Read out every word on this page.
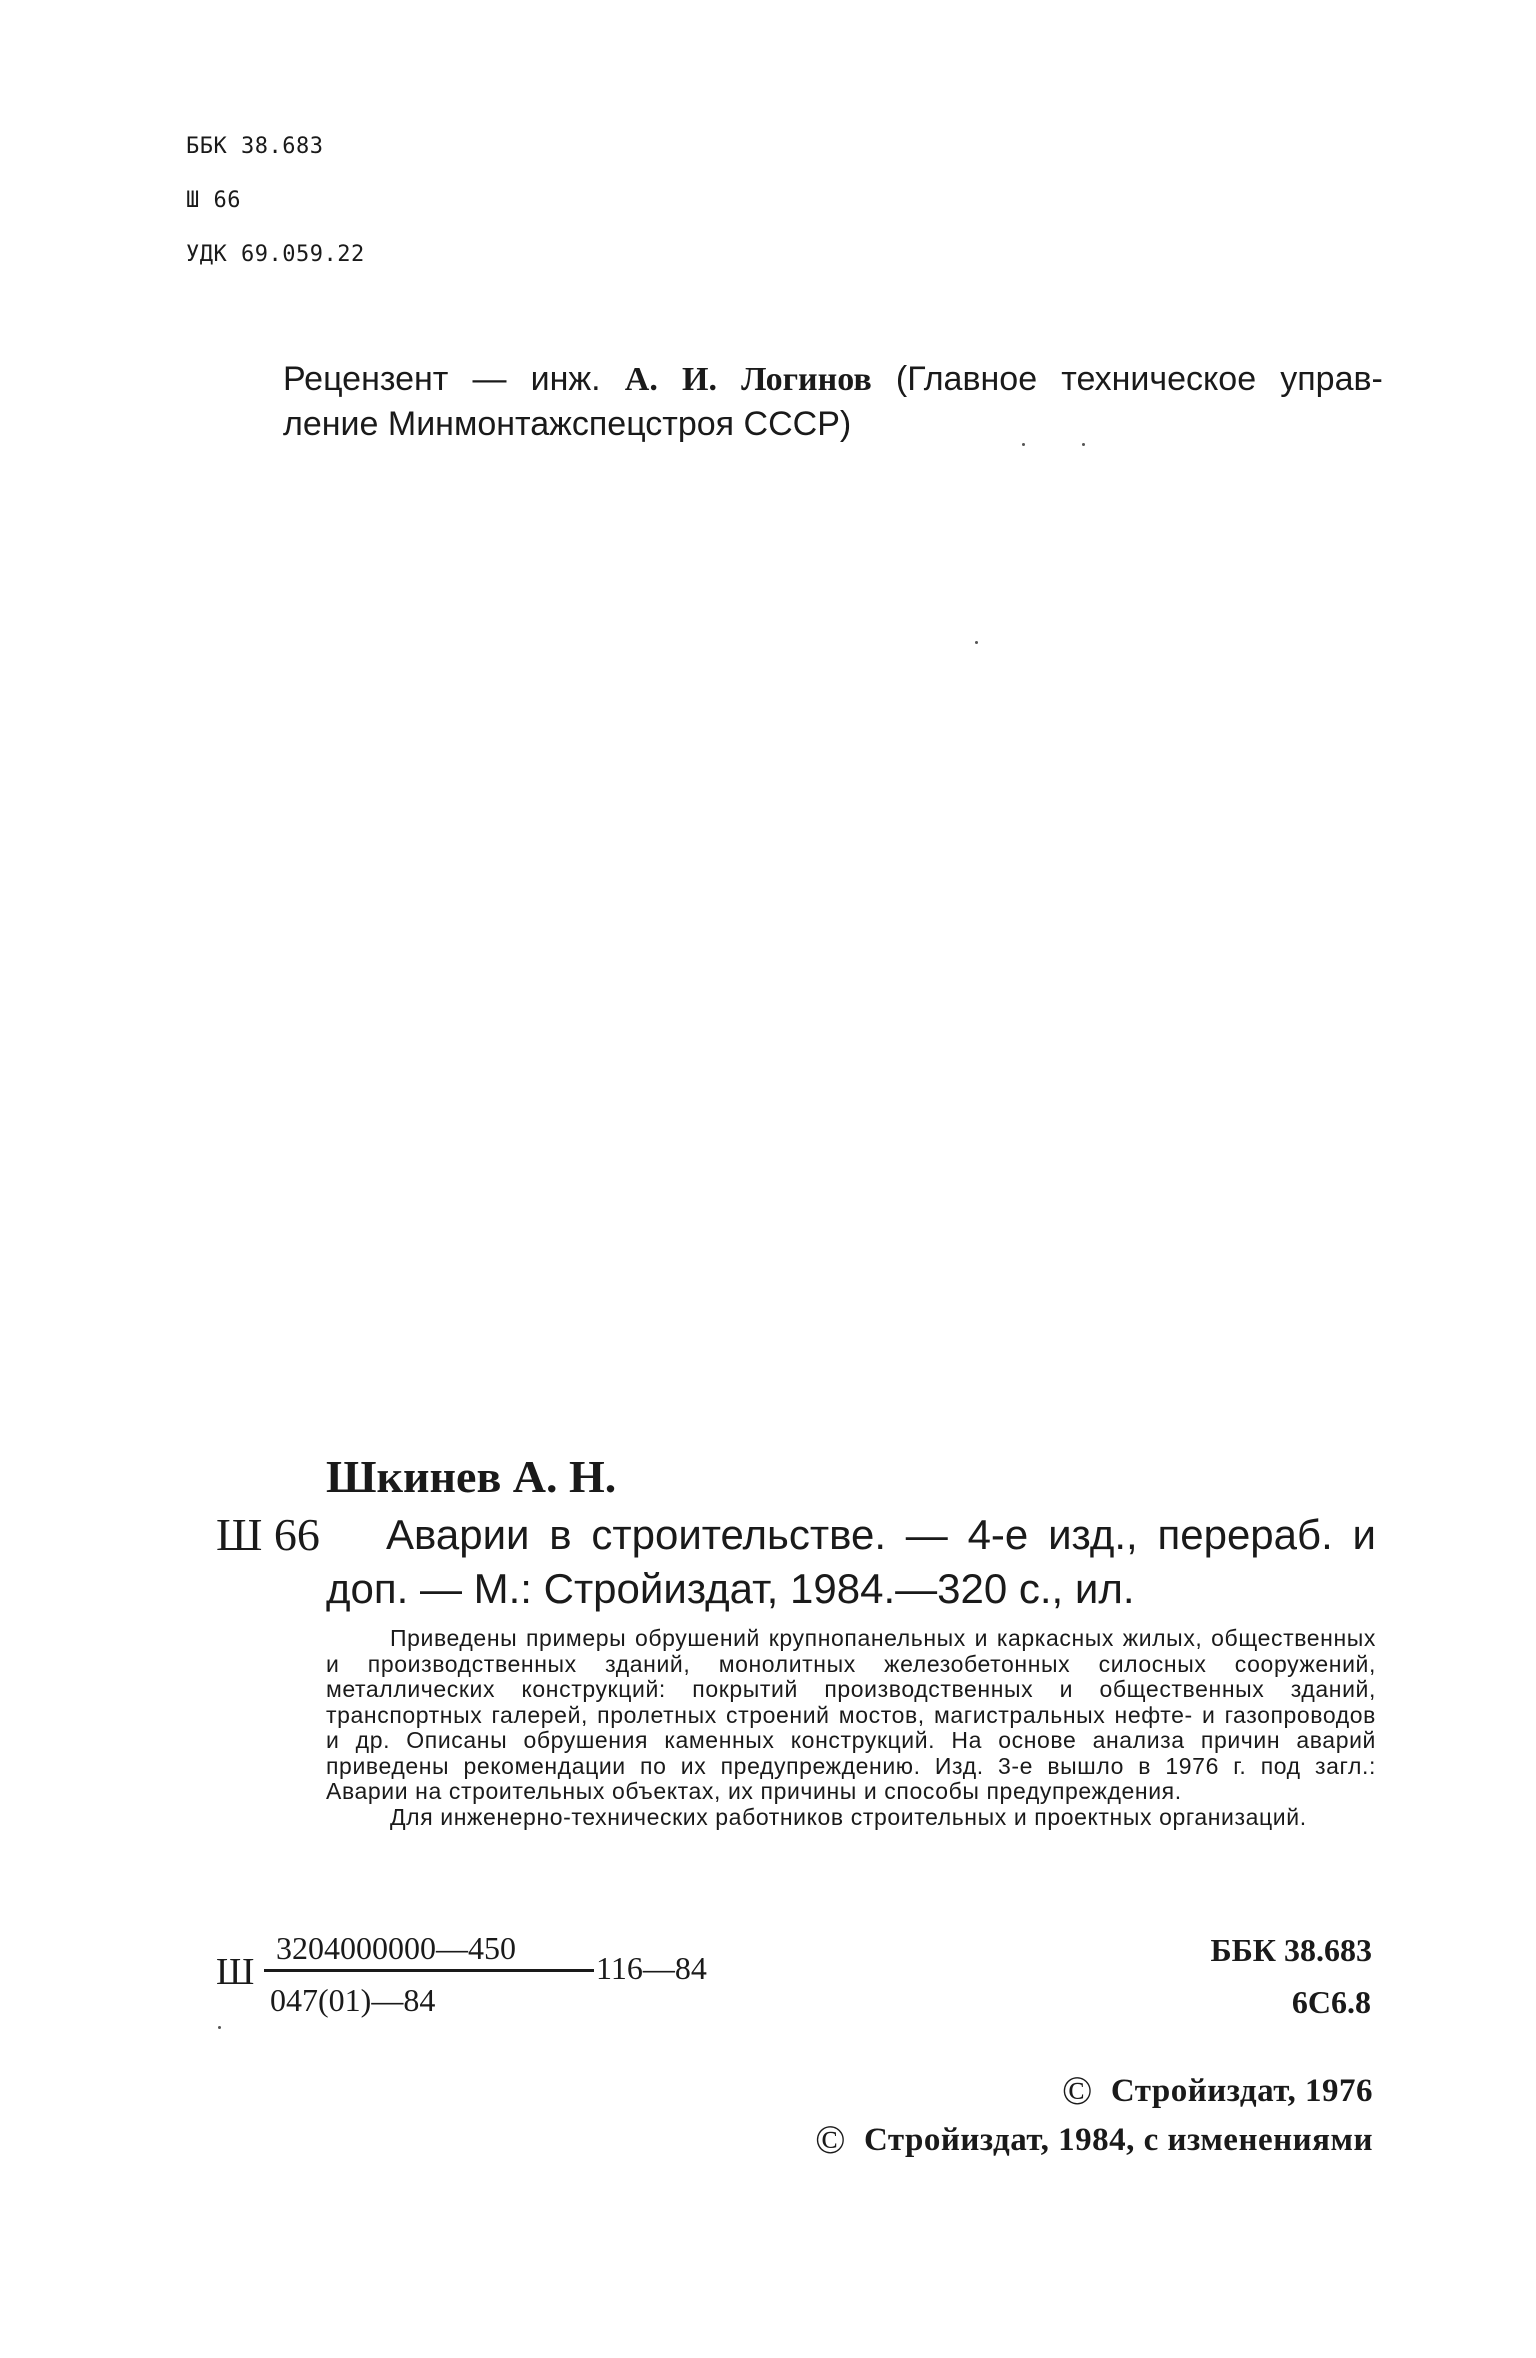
ББК 38.683
Ш 66
УДК 69.059.22
Рецензент — инж. А. И. Логинов (Главное техническое управ-
ление Минмонтажспецстроя СССР)
Шкинев А. Н.
Ш 66 Аварии в строительстве. — 4-е изд., перераб. и
доп. — М.: Стройиздат, 1984.—320 с., ил.

Приведены примеры обрушений крупнопанельных и каркасных жилых, общественных и производственных зданий, монолитных железобетонных силосных сооружений, металлических конструкций: покрытий производственных и общественных зданий, транспортных галерей, пролетных строений мостов, магистральных нефте- и газопроводов и др. Описаны обрушения каменных конструкций. На основе анализа причин аварий приведены рекомендации по их предупреждению. Изд. 3-е вышло в 1976 г. под загл.: Аварии на строительных объектах, их причины и способы предупреждения.

Для инженерно-технических работников строительных и проектных организаций.

Ш
3204000000—450
047(01)—84
116—84	ББК 38.683
6С6.8
© Стройиздат, 1976
© Стройиздат, 1984, с изменениями
